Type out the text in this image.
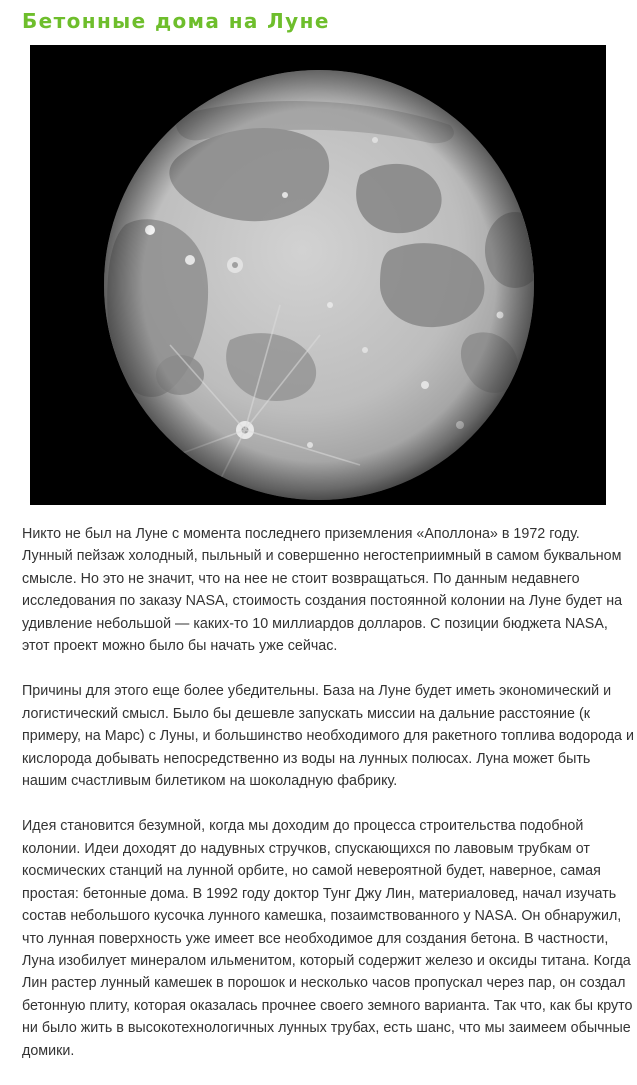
Бетонные дома на Луне

Никто не был на Луне с момента последнего приземления «Аполлона» в 1972 году. Лунный пейзаж холодный, пыльный и совершенно негостеприимный в самом буквальном смысле. Но это не значит, что на нее не стоит возвращаться. По данным недавнего исследования по заказу NASA, стоимость создания постоянной колонии на Луне будет на удивление небольшой — каких-то 10 миллиардов долларов. С позиции бюджета NASA, этот проект можно было бы начать уже сейчас.

Причины для этого еще более убедительны. База на Луне будет иметь экономический и логистический смысл. Было бы дешевле запускать миссии на дальние расстояние (к примеру, на Марс) с Луны, и большинство необходимого для ракетного топлива водорода и кислорода добывать непосредственно из воды на лунных полюсах. Луна может быть нашим счастливым билетиком на шоколадную фабрику.

Идея становится безумной, когда мы доходим до процесса строительства подобной колонии. Идеи доходят до надувных стручков, спускающихся по лавовым трубкам от космических станций на лунной орбите, но самой невероятной будет, наверное, самая простая: бетонные дома. В 1992 году доктор Тунг Джу Лин, материаловед, начал изучать состав небольшого кусочка лунного камешка, позаимствованного у NASA. Он обнаружил, что лунная поверхность уже имеет все необходимое для создания бетона. В частности, Луна изобилует минералом ильменитом, который содержит железо и оксиды титана. Когда Лин растер лунный камешек в порошок и несколько часов пропускал через пар, он создал бетонную плиту, которая оказалась прочнее своего земного варианта. Так что, как бы круто ни было жить в высокотехнологичных лунных трубах, есть шанс, что мы заимеем обычные домики.
